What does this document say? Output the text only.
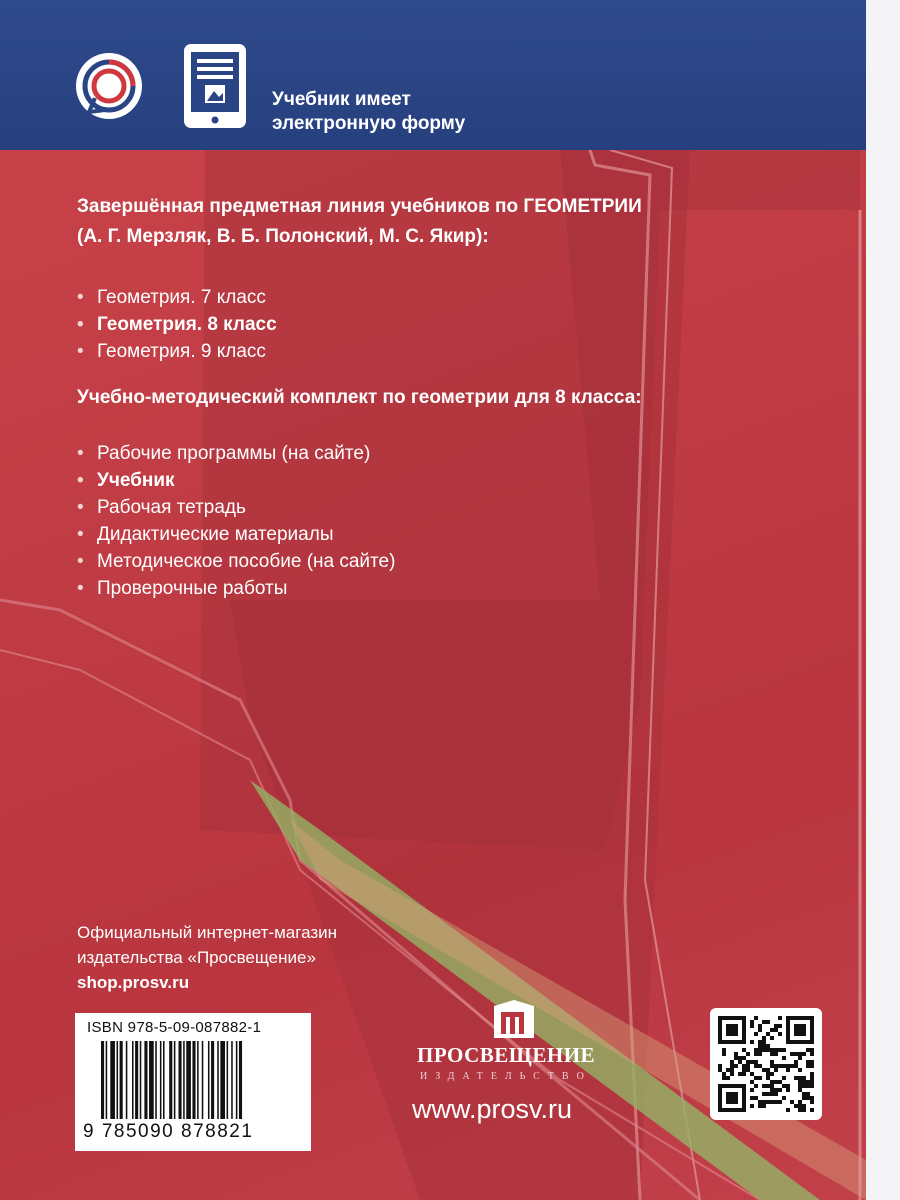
Учебник имеет
электронную форму
Завершённая предметная линия учебников по ГЕОМЕТРИИ
(А. Г. Мерзляк, В. Б. Полонский, М. С. Якир):
• Геометрия. 7 класс
• Геометрия. 8 класс
• Геометрия. 9 класс
Учебно-методический комплект по геометрии для 8 класса:
• Рабочие программы (на сайте)
• Учебник
• Рабочая тетрадь
• Дидактические материалы
• Методическое пособие (на сайте)
• Проверочные работы
Официальный интернет-магазин
издательства «Просвещение»
shop.prosv.ru
ISBN 978-5-09-087882-1
9 785090 878821
ПРОСВЕЩЕНИЕ
ИЗДАТЕЛЬСТВО
www.prosv.ru
